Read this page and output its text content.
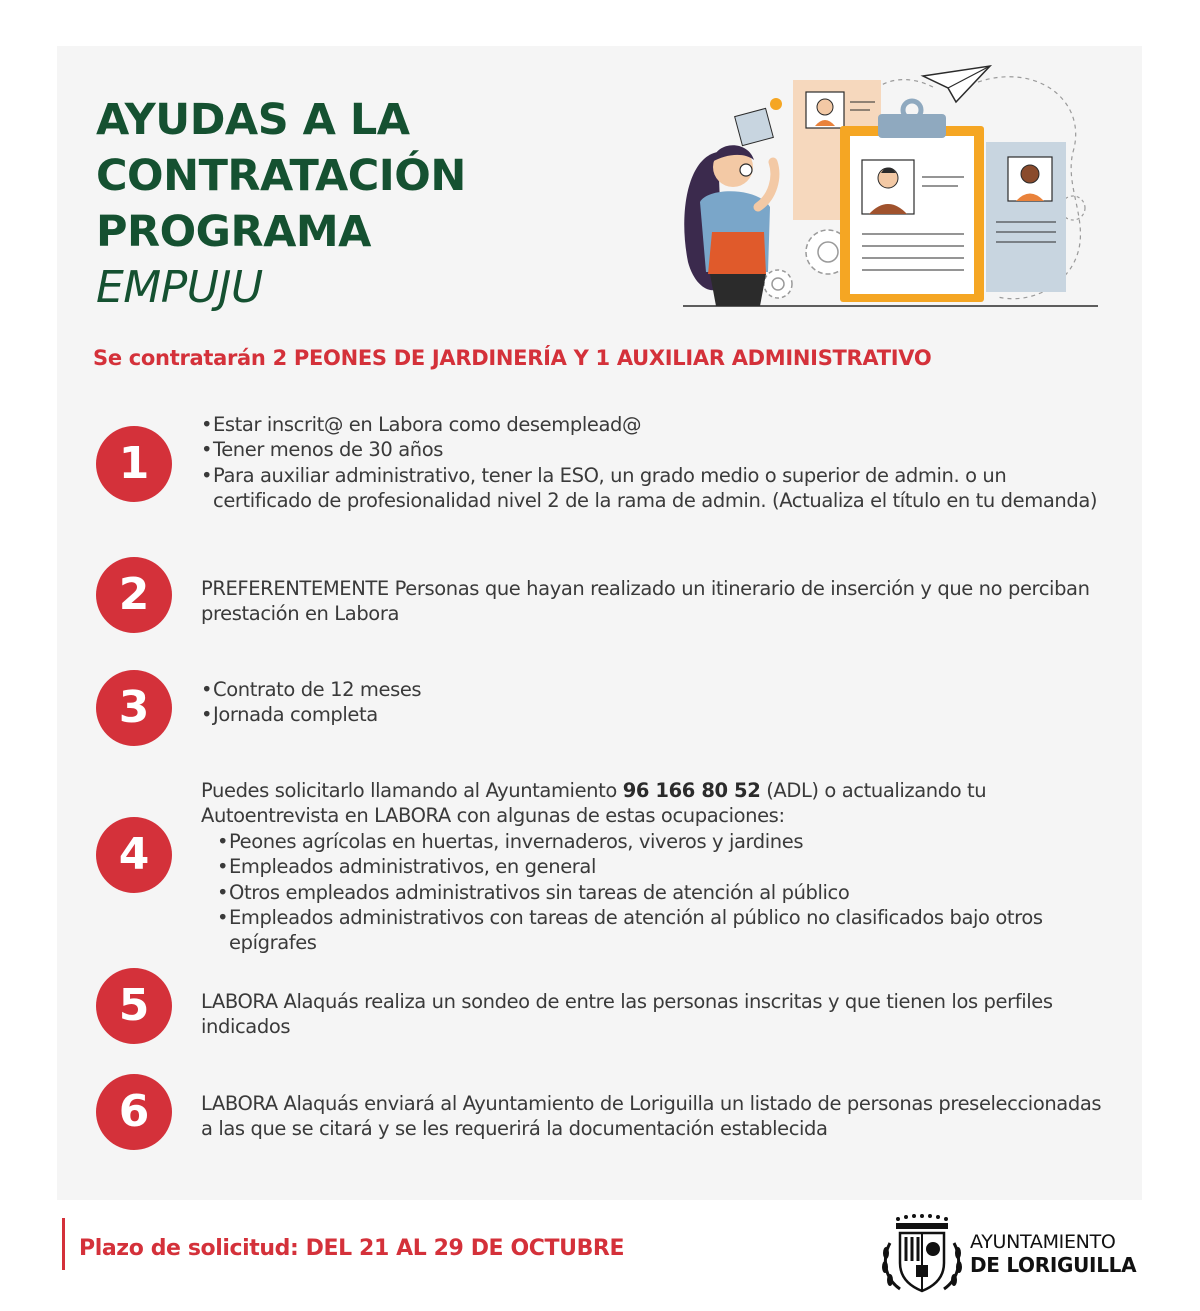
AYUDAS A LA
CONTRATACIÓN
PROGRAMA
EMPUJU

Se contratarán 2 PEONES DE JARDINERÍA Y 1 AUXILIAR ADMINISTRATIVO

1
• Estar inscrit@ en Labora como desemplead@
• Tener menos de 30 años
• Para auxiliar administrativo, tener la ESO, un grado medio o superior de admin. o un certificado de profesionalidad nivel 2 de la rama de admin. (Actualiza el título en tu demanda)
2	PREFERENTEMENTE Personas que hayan realizado un itinerario de inserción y que no perciban prestación en Labora

3
•	Contrato de 12 meses
• Jornada completa
4

Puedes solicitarlo llamando al Ayuntamiento 96 166 80 52 (ADL) o actualizando tu Autoentrevista en LABORA con algunas de estas ocupaciones:

• Peones agrícolas en huertas, invernaderos, viveros y jardines
• Empleados administrativos, en general
• Otros empleados administrativos sin tareas de atención al público
• Empleados administrativos con tareas de atención al público no clasificados bajo otros epígrafes
5	LABORA Alaquás realiza un sondeo de entre las personas inscritas y que tienen los perfiles indicados

6	LABORA Alaquás enviará al Ayuntamiento de Loriguilla un listado de personas preseleccionadas a las que se citará y se les requerirá la documentación establecida

Plazo de solicitud: DEL 21 AL 29 DE OCTUBRE	AYUNTAMIENTO
DE LORIGUILLA
